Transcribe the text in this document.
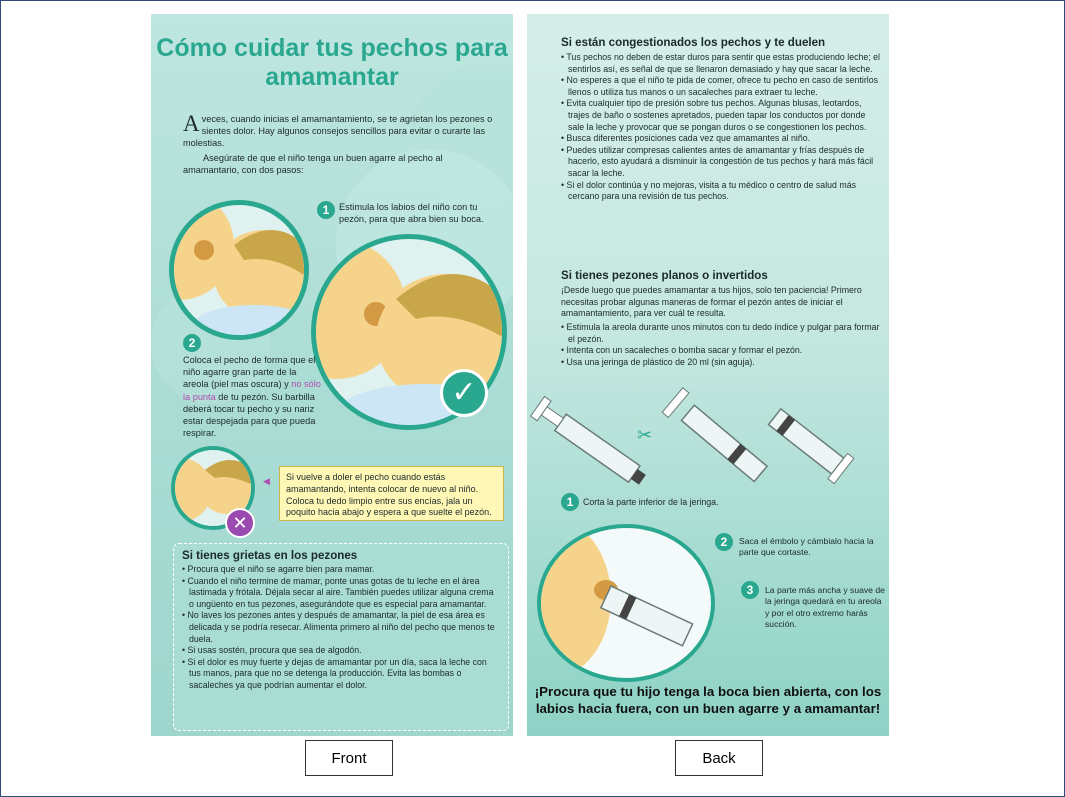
Cómo cuidar tus pechos para amamantar
Aveces, cuando inicias el amamantamiento, se te agrietan los pezones o sientes dolor. Hay algunos consejos sencillos para evitar o curarte las molestias.
Asegúrate de que el niño tenga un buen agarre al pecho al amamantario, con dos pasos:
1	Estimula los labios del niño con tu pezón, para que abra bien su boca.
✓
2
Coloca el pecho de forma que el niño agarre gran parte de la areola (piel mas oscura) y no sólo la punta de tu pezón. Su barbilla deberá tocar tu pecho y su nariz estar despejada para que pueda respirar.
✕
◀	Si vuelve a doler el pecho cuando estás amamantando, intenta colocar de nuevo al niño. Coloca tu dedo limpio entre sus encías, jala un poquito hacia abajo y espera a que suelte el pezón.
Si tienes grietas en los pezones
• Procura que el niño se agarre bien para mamar.
• Cuando el niño termine de mamar, ponte unas gotas de tu leche en el área lastimada y frótala. Déjala secar al aire. También puedes utilizar alguna crema o ungüento en tus pezones, asegurándote que es especial para amamantar.
• No laves los pezones antes y después de amamantar, la piel de esa área es delicada y se podría resecar. Alimenta primero al niño del pecho que menos te duela.
• Si usas sostén, procura que sea de algodón.
• Si el dolor es muy fuerte y dejas de amamantar por un día, saca la leche con tus manos, para que no se detenga la producción. Evita las bombas o sacaleches ya que podrían aumentar el dolor.
Si están congestionados los pechos y te duelen
• Tus pechos no deben de estar duros para sentir que estas produciendo leche; el sentirlos así, es señal de que se llenaron demasiado y hay que sacar la leche.
• No esperes a que el niño te pida de comer, ofrece tu pecho en caso de sentirlos llenos o utiliza tus manos o un sacaleches para extraer tu leche.
• Evita cualquier tipo de presión sobre tus pechos. Algunas blusas, leotardos, trajes de baño o sostenes apretados, pueden tapar los conductos por donde sale la leche y provocar que se pongan duros o se congestionen los pechos.
• Busca diferentes posiciones cada vez que amamantes al niño.
• Puedes utilizar compresas calientes antes de amamantar y frías después de hacerlo, esto ayudará a disminuir la congestión de tus pechos y hará más fácil sacar la leche.
• Si el dolor continúa y no mejoras, visita a tu médico o centro de salud más cercano para una revisión de tus pechos.
Si tienes pezones planos o invertidos
¡Desde luego que puedes amamantar a tus hijos, solo ten paciencia! Primero necesitas probar algunas maneras de formar el pezón antes de iniciar el amamantamiento, para ver cuál te resulta.
• Estimula la areola durante unos minutos con tu dedo índice y pulgar para formar el pezón.
• Intenta con un sacaleches o bomba sacar y formar el pezón.
• Usa una jeringa de plástico de 20 ml (sin aguja).
✂
1	Corta la parte inferior de la jeringa.
2	Saca el émbolo y cámbialo hacia la parte que cortaste.
3	La parte más ancha y suave de la jeringa quedará en tu areola y por el otro extremo harás succión.
¡Procura que tu hijo tenga la boca bien abierta, con los labios hacia fuera, con un buen agarre y a amamantar!
Front	Back
